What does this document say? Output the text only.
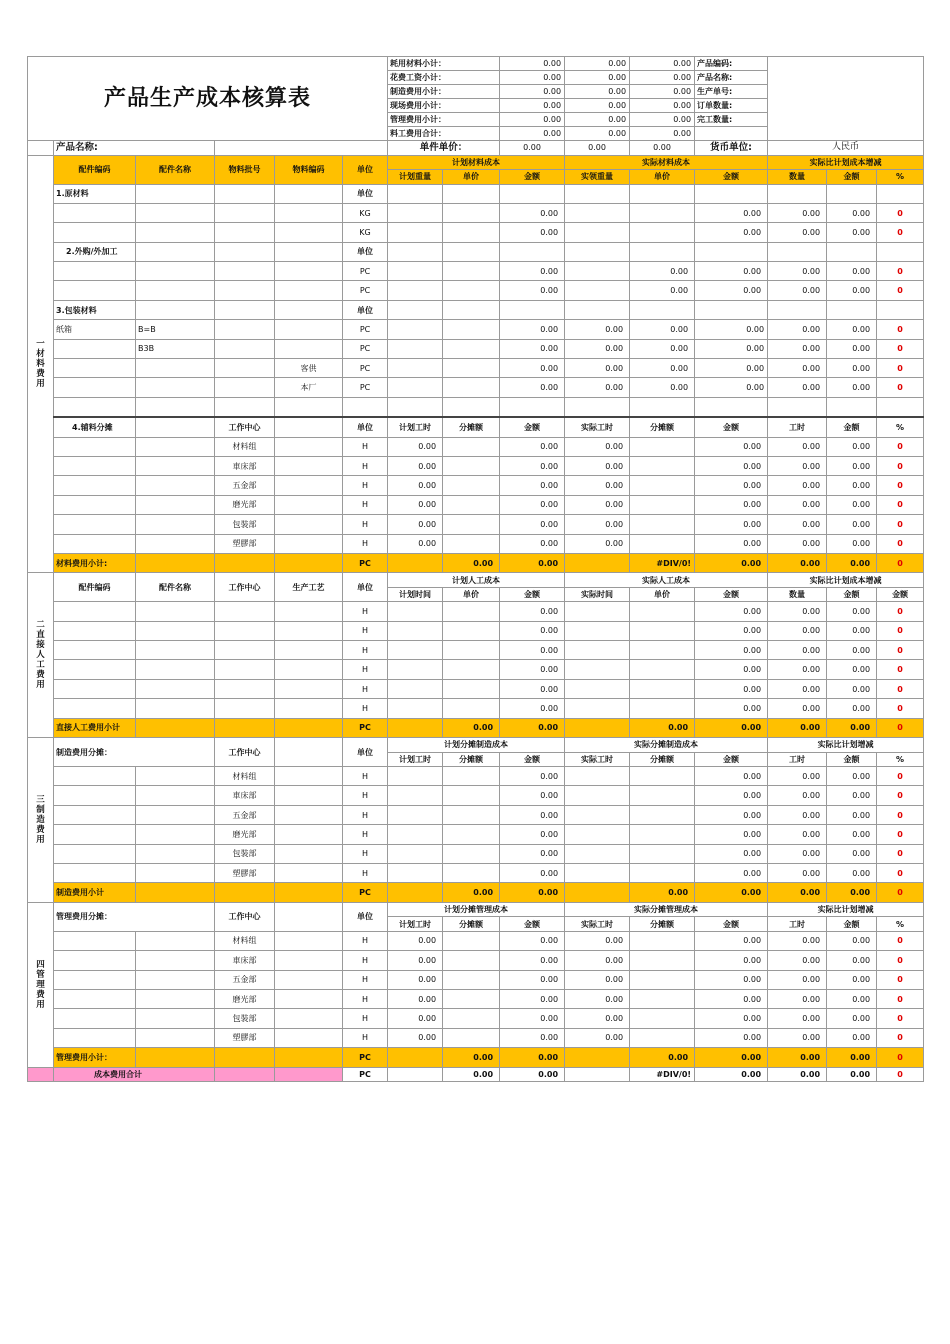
产品生产成本核算表						耗用材料小计：		0.00	0.00	0.00	产品编码:			
						花费工资小计：		0.00	0.00	0.00	产品名称:			
						制造费用小计：		0.00	0.00	0.00	生产单号:			
						现场费用小计：		0.00	0.00	0.00	订单数量:			
						管理费用小计：		0.00	0.00	0.00	完工数量:			
						料工费用合计：		0.00	0.00	0.00				
	产品名称:					单件单价：		0.00	0.00	0.00	货币单位:	人民币		
一材料费用	配件编码	配件名称	物料批号	物料编码	单位	计划材料成本			实际材料成本			实际比计划成本增减		
						计划重量	单价	金额	实领重量	单价	金额	数量	金额	%
	1.原材料				单位									
					KG			0.00			0.00	0.00	0.00	0
					KG			0.00			0.00	0.00	0.00	0
	2.外购/外加工				单位									
					PC			0.00		0.00	0.00	0.00	0.00	0
					PC			0.00		0.00	0.00	0.00	0.00	0
	3.包装材料				单位									
	纸箱	B=B			PC			0.00	0.00	0.00	0.00	0.00	0.00	0
		B3B			PC			0.00	0.00	0.00	0.00	0.00	0.00	0
				客供	PC			0.00	0.00	0.00	0.00	0.00	0.00	0
				本厂	PC			0.00	0.00	0.00	0.00	0.00	0.00	0

	4.辅料分摊		工作中心		单位	计划工时	分摊额	金额	实际工时	分摊额	金额	工时	金额	%
			材料组		H	0.00		0.00	0.00		0.00	0.00	0.00	0
			車床部		H	0.00		0.00	0.00		0.00	0.00	0.00	0
			五金部		H	0.00		0.00	0.00		0.00	0.00	0.00	0
			磨光部		H	0.00		0.00	0.00		0.00	0.00	0.00	0
			包裝部		H	0.00		0.00	0.00		0.00	0.00	0.00	0
			塑膠部		H	0.00		0.00	0.00		0.00	0.00	0.00	0
	材料费用小计:				PC		0.00	0.00		#DIV/0!	0.00	0.00	0.00	0
二直接人工费用	配件编码	配件名称	工作中心	生产工艺	单位	计划人工成本			实际人工成本			实际比计划成本增减		
						计划时间	单价	金额	实际时间	单价	金额	数量	金额	金额
					H			0.00			0.00	0.00	0.00	0
					H			0.00			0.00	0.00	0.00	0
					H			0.00			0.00	0.00	0.00	0
					H			0.00			0.00	0.00	0.00	0
					H			0.00			0.00	0.00	0.00	0
					H			0.00			0.00	0.00	0.00	0
	直接人工费用小计				PC		0.00	0.00		0.00	0.00	0.00	0.00	0
三制造费用	制造费用分摊：		工作中心		单位	计划分摊制造成本			实际分摊制造成本			实际比计划增减		
						计划工时	分摊额	金额	实际工时	分摊额	金额	工时	金额	%
			材料组		H			0.00			0.00	0.00	0.00	0
			車床部		H			0.00			0.00	0.00	0.00	0
			五金部		H			0.00			0.00	0.00	0.00	0
			磨光部		H			0.00			0.00	0.00	0.00	0
			包裝部		H			0.00			0.00	0.00	0.00	0
			塑膠部		H			0.00			0.00	0.00	0.00	0
	制造费用小计				PC		0.00	0.00		0.00	0.00	0.00	0.00	0
四管理费用	管理费用分摊：		工作中心		单位	计划分摊管理成本			实际分摊管理成本			实际比计划增减		
						计划工时	分摊额	金额	实际工时	分摊额	金额	工时	金额	%
			材料组		H	0.00		0.00	0.00		0.00	0.00	0.00	0
			車床部		H	0.00		0.00	0.00		0.00	0.00	0.00	0
			五金部		H	0.00		0.00	0.00		0.00	0.00	0.00	0
			磨光部		H	0.00		0.00	0.00		0.00	0.00	0.00	0
			包裝部		H	0.00		0.00	0.00		0.00	0.00	0.00	0
			塑膠部		H	0.00		0.00	0.00		0.00	0.00	0.00	0
	管理费用小计：				PC		0.00	0.00		0.00	0.00	0.00	0.00	0
	成本费用合计				PC		0.00	0.00		#DIV/0!	0.00	0.00	0.00	0
